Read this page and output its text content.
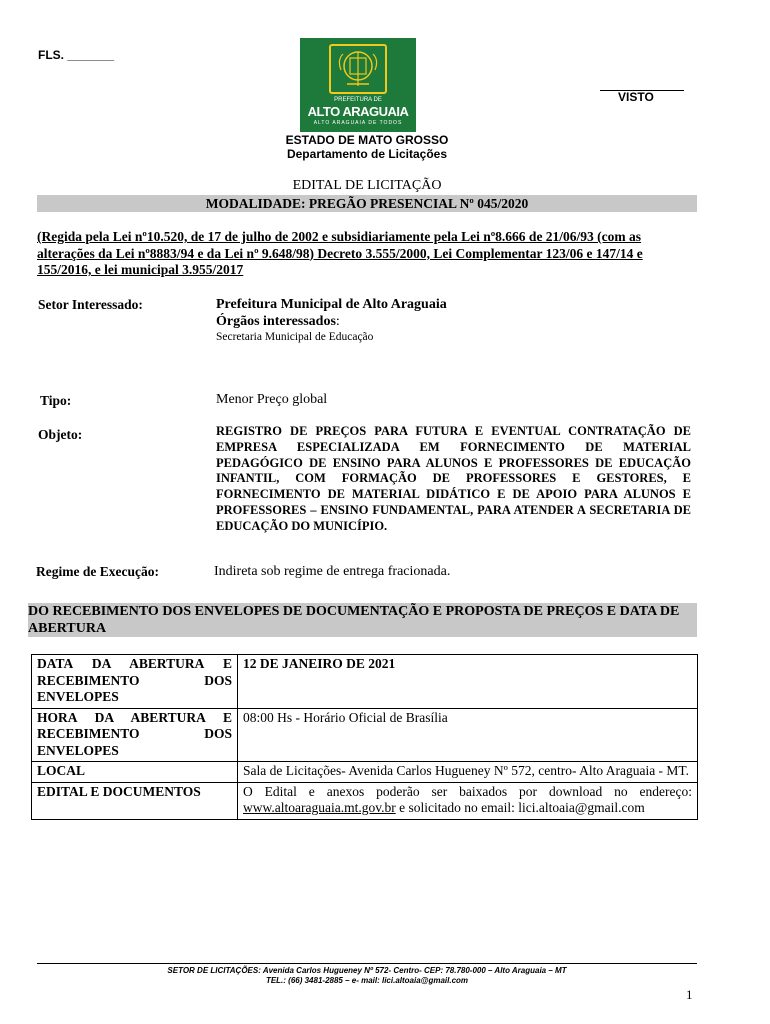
FLS. _______
PREFEITURA DE
ALTO ARAGUAIA
ALTO ARAGUAIA DE TODOS
VISTO
ESTADO DE MATO GROSSO
Departamento de Licitações
EDITAL DE LICITAÇÃO
MODALIDADE: PREGÃO PRESENCIAL Nº 045/2020
(Regida pela Lei nº10.520, de 17 de julho de 2002 e subsidiariamente pela Lei nº8.666 de 21/06/93 (com as alterações da Lei nº8883/94 e da Lei nº 9.648/98) Decreto 3.555/2000, Lei Complementar 123/06 e 147/14 e 155/2016, e lei municipal 3.955/2017
Setor Interessado:	Prefeitura Municipal de Alto Araguaia
Órgãos interessados:
Secretaria Municipal de Educação
Tipo:	Menor Preço global
Objeto:	REGISTRO DE PREÇOS PARA FUTURA E EVENTUAL CONTRATAÇÃO DE EMPRESA ESPECIALIZADA EM FORNECIMENTO DE MATERIAL PEDAGÓGICO DE ENSINO PARA ALUNOS E PROFESSORES DE EDUCAÇÃO INFANTIL, COM FORMAÇÃO DE PROFESSORES E GESTORES, E FORNECIMENTO DE MATERIAL DIDÁTICO E DE APOIO PARA ALUNOS E PROFESSORES – ENSINO FUNDAMENTAL, PARA ATENDER A SECRETARIA DE EDUCAÇÃO DO MUNICÍPIO.
Regime de Execução:	Indireta sob regime de entrega fracionada.
DO RECEBIMENTO DOS ENVELOPES DE DOCUMENTAÇÃO E PROPOSTA DE PREÇOS E DATA DE ABERTURA
DATA DA ABERTURA E RECEBIMENTO DOS ENVELOPES	12 DE JANEIRO DE 2021
HORA DA ABERTURA E RECEBIMENTO DOS ENVELOPES	08:00 Hs - Horário Oficial de Brasília
LOCAL	Sala de Licitações- Avenida Carlos Hugueney Nº 572, centro- Alto Araguaia - MT.
EDITAL E DOCUMENTOS	O Edital e anexos poderão ser baixados por download no endereço: www.altoaraguaia.mt.gov.br e solicitado no email: lici.altoaia@gmail.com
SETOR DE LICITAÇÕES: Avenida Carlos Hugueney Nº 572- Centro- CEP: 78.780-000 – Alto Araguaia – MT
TEL.: (66) 3481-2885 – e- mail: lici.altoaia@gmail.com
1
